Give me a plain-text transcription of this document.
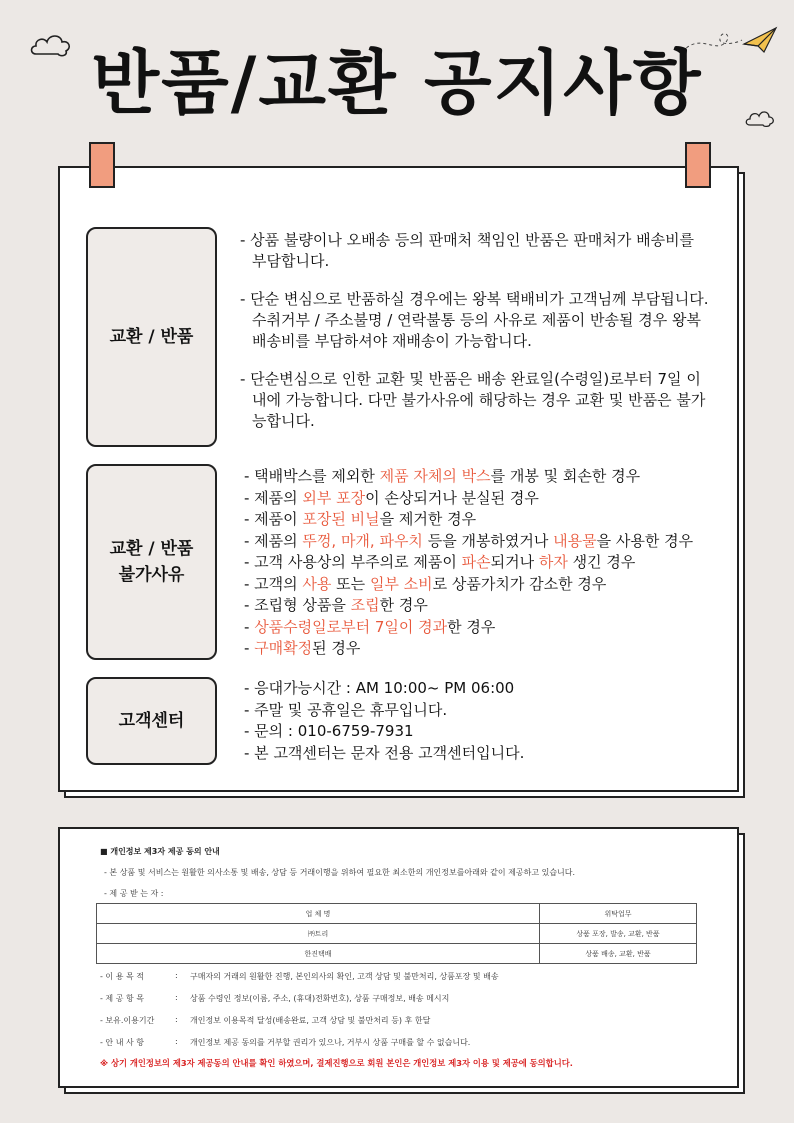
반품/교환 공지사항
교환 / 반품

- 상품 불량이나 오배송 등의 판매처 책임인 반품은 판매처가 배송비를 부담합니다.

- 단순 변심으로 반품하실 경우에는 왕복 택배비가 고객님께 부담됩니다. 수취거부 / 주소불명 / 연락불통 등의 사유로 제품이 반송될 경우 왕복 배송비를 부담하셔야 재배송이 가능합니다.

- 단순변심으로 인한 교환 및 반품은 배송 완료일(수령일)로부터 7일 이내에 가능합니다. 다만 불가사유에 해당하는 경우 교환 및 반품은 불가능합니다.

교환 / 반품
불가사유
- 택배박스를 제외한 제품 자체의 박스를 개봉 및 회손한 경우
- 제품의 외부 포장이 손상되거나 분실된 경우
- 제품이 포장된 비닐을 제거한 경우
- 제품의 뚜껑, 마개, 파우치 등을 개봉하였거나 내용물을 사용한 경우
- 고객 사용상의 부주의로 제품이 파손되거나 하자 생긴 경우
- 고객의 사용 또는 일부 소비로 상품가치가 감소한 경우
- 조립형 상품을 조립한 경우
- 상품수령일로부터 7일이 경과한 경우
- 구매확정된 경우
고객센터
- 응대가능시간 : AM 10:00~ PM 06:00
- 주말 및 공휴일은 휴무입니다.
- 문의 : 010-6759-7931
- 본 고객센터는 문자 전용 고객센터입니다.
■ 개인정보 제3자 제공 동의 안내
- 본 상품 및 서비스는 원활한 의사소통 및 배송, 상담 등 거래이행을 위하여 필요한 최소한의 개인정보를아래와 같이 제공하고 있습니다.
- 제 공 받 는 자 :
업 체 명	위탁업무
㈜트리	상품 포장, 발송, 교환, 반품
한진택배	상품 배송, 교환, 반품
- 이 용 목 적	: 구매자의 거래의 원활한 진행, 본인의사의 확인, 고객 상담 및 불만처리, 상품포장 및 배송
- 제 공 항 목	: 상품 수령인 정보(이름, 주소, (휴대)전화번호), 상품 구매정보, 배송 메시지
- 보유.이용기간	: 개인정보 이용목적 달성(배송완료, 고객 상담 및 불만처리 등) 후 한달
- 안 내 사 항	: 개인정보 제공 동의를 거부할 권리가 있으나, 거부시 상품 구매를 할 수 없습니다.
※ 상기 개인정보의 제3자 제공동의 안내를 확인 하였으며, 결제진행으로 회원 본인은 개인정보 제3자 이용 및 제공에 동의합니다.
